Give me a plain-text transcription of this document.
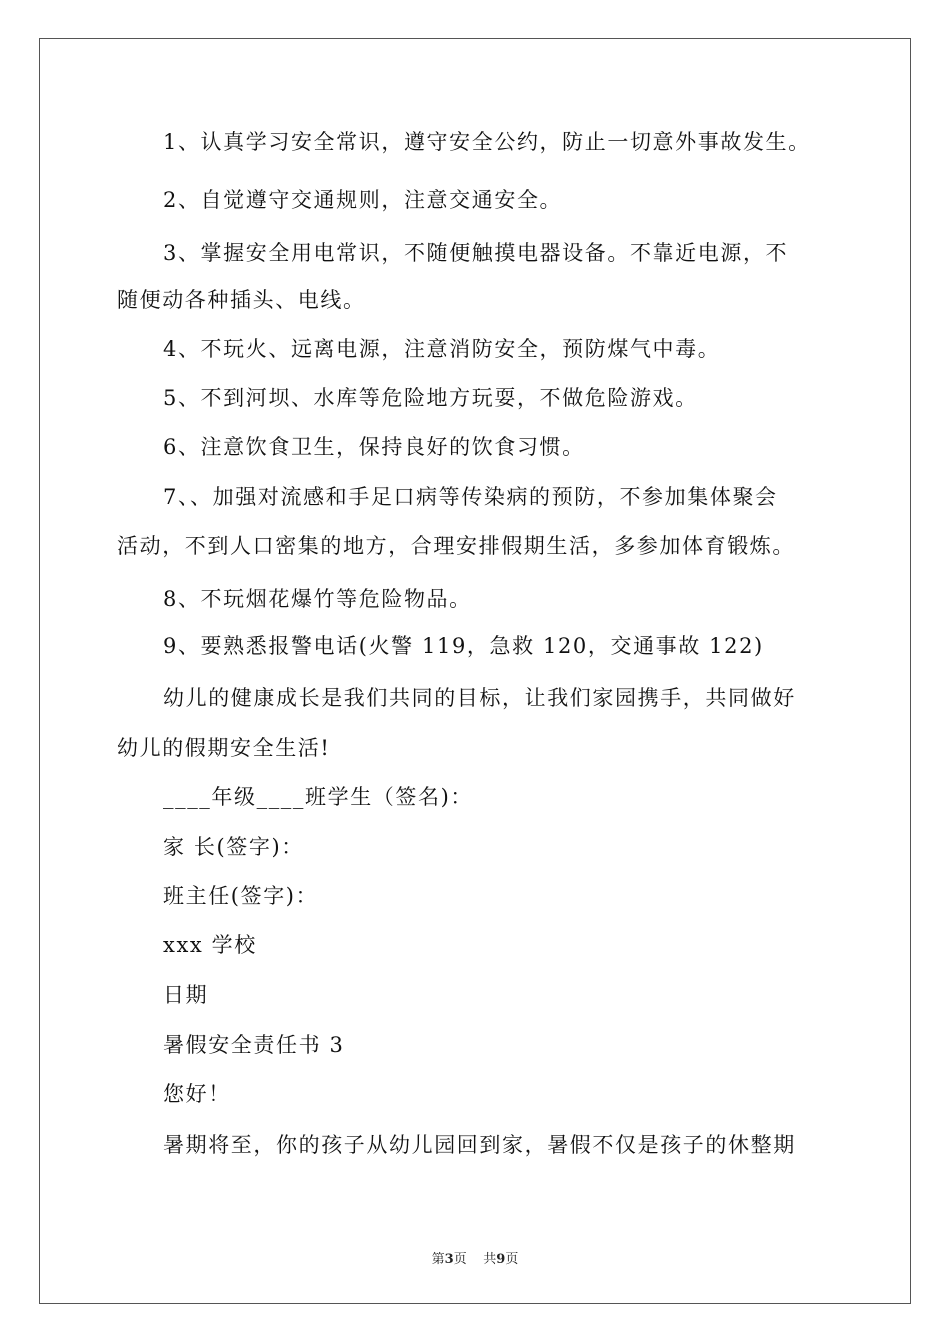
1、认真学习安全常识，遵守安全公约，防止一切意外事故发生。
2、自觉遵守交通规则，注意交通安全。
3、掌握安全用电常识，不随便触摸电器设备。不靠近电源，不
随便动各种插头、电线。
4、不玩火、远离电源，注意消防安全，预防煤气中毒。
5、不到河坝、水库等危险地方玩耍，不做危险游戏。
6、注意饮食卫生，保持良好的饮食习惯。
7、、加强对流感和手足口病等传染病的预防，不参加集体聚会
活动，不到人口密集的地方，合理安排假期生活，多参加体育锻炼。
8、不玩烟花爆竹等危险物品。
9、要熟悉报警电话(火警 119，急救 120，交通事故 122)
幼儿的健康成长是我们共同的目标，让我们家园携手，共同做好
幼儿的假期安全生活!
____年级____班学生（签名)：
家 长(签字)：
班主任(签字)：
xxx 学校
日期
暑假安全责任书 3
您好！
暑期将至，你的孩子从幼儿园回到家，暑假不仅是孩子的休整期
第3页 共9页
